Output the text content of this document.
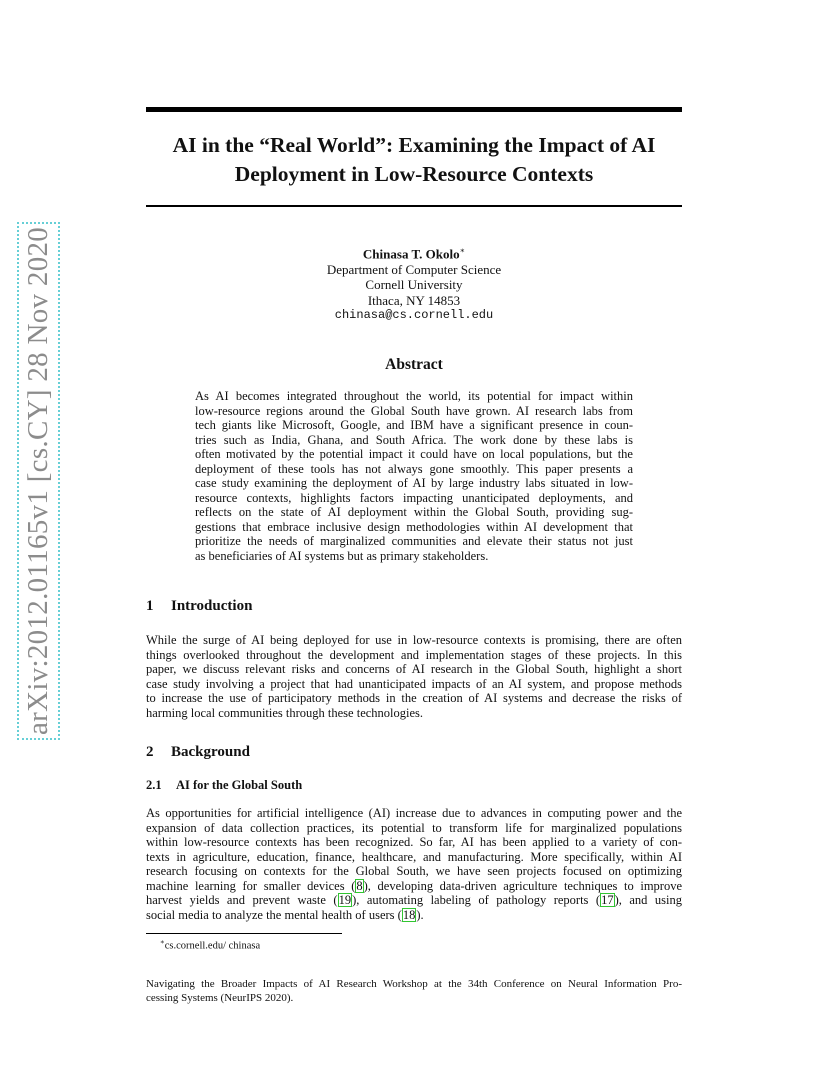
arXiv:2012.01165v1 [cs.CY] 28 Nov 2020
AI in the “Real World”: Examining the Impact of AI
Deployment in Low-Resource Contexts
Chinasa T. Okolo∗
Department of Computer Science
Cornell University
Ithaca, NY 14853
chinasa@cs.cornell.edu
Abstract
As AI becomes integrated throughout the world, its potential for impact within
low-resource regions around the Global South have grown. AI research labs from
tech giants like Microsoft, Google, and IBM have a significant presence in coun-
tries such as India, Ghana, and South Africa. The work done by these labs is
often motivated by the potential impact it could have on local populations, but the
deployment of these tools has not always gone smoothly. This paper presents a
case study examining the deployment of AI by large industry labs situated in low-
resource contexts, highlights factors impacting unanticipated deployments, and
reflects on the state of AI deployment within the Global South, providing sug-
gestions that embrace inclusive design methodologies within AI development that
prioritize the needs of marginalized communities and elevate their status not just
as beneficiaries of AI systems but as primary stakeholders.
1 Introduction
While the surge of AI being deployed for use in low-resource contexts is promising, there are often
things overlooked throughout the development and implementation stages of these projects. In this
paper, we discuss relevant risks and concerns of AI research in the Global South, highlight a short
case study involving a project that had unanticipated impacts of an AI system, and propose methods
to increase the use of participatory methods in the creation of AI systems and decrease the risks of
harming local communities through these technologies.
2 Background
2.1 AI for the Global South
As opportunities for artificial intelligence (AI) increase due to advances in computing power and the
expansion of data collection practices, its potential to transform life for marginalized populations
within low-resource contexts has been recognized. So far, AI has been applied to a variety of con-
texts in agriculture, education, finance, healthcare, and manufacturing. More specifically, within AI
research focusing on contexts for the Global South, we have seen projects focused on optimizing
machine learning for smaller devices (8), developing data-driven agriculture techniques to improve
harvest yields and prevent waste (19), automating labeling of pathology reports (17), and using
social media to analyze the mental health of users (18).
∗cs.cornell.edu/ chinasa
Navigating the Broader Impacts of AI Research Workshop at the 34th Conference on Neural Information Pro-
cessing Systems (NeurIPS 2020).
